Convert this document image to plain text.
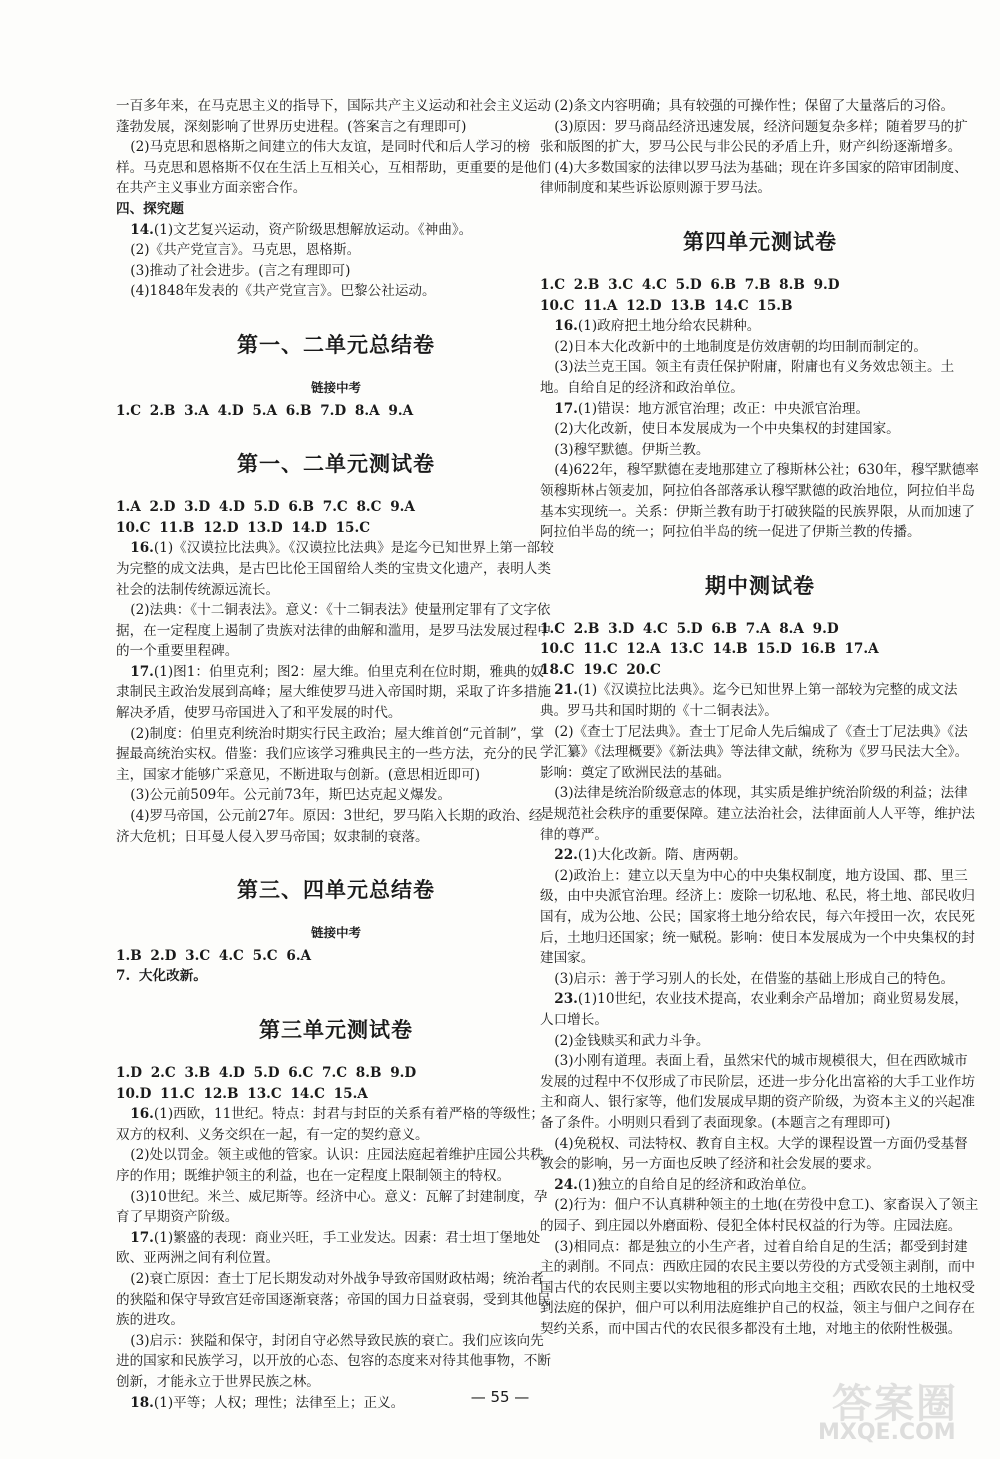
一百多年来，在马克思主义的指导下，国际共产主义运动和社会主义运动蓬勃发展，深刻影响了世界历史进程。(答案言之有理即可)
(2)马克思和恩格斯之间建立的伟大友谊，是同时代和后人学习的榜样。马克思和恩格斯不仅在生活上互相关心，互相帮助，更重要的是他们在共产主义事业方面亲密合作。
四、探究题
14.(1)文艺复兴运动，资产阶级思想解放运动。《神曲》。
(2)《共产党宣言》。马克思，恩格斯。
(3)推动了社会进步。(言之有理即可)
(4)1848年发表的《共产党宣言》。巴黎公社运动。
第一、二单元总结卷
链接中考
1.C 2.B 3.A 4.D 5.A 6.B 7.D 8.A 9.A
第一、二单元测试卷
1.A 2.D 3.D 4.D 5.D 6.B 7.C 8.C 9.A
10.C 11.B 12.D 13.D 14.D 15.C
16.(1)《汉谟拉比法典》。《汉谟拉比法典》是迄今已知世界上第一部较为完整的成文法典，是古巴比伦王国留给人类的宝贵文化遗产，表明人类社会的法制传统源远流长。
(2)法典：《十二铜表法》。意义：《十二铜表法》使量刑定罪有了文字依据，在一定程度上遏制了贵族对法律的曲解和滥用，是罗马法发展过程中的一个重要里程碑。
17.(1)图1：伯里克利；图2：屋大维。伯里克利在位时期，雅典的奴隶制民主政治发展到高峰；屋大维使罗马进入帝国时期，采取了许多措施解决矛盾，使罗马帝国进入了和平发展的时代。
(2)制度：伯里克利统治时期实行民主政治；屋大维首创“元首制”，掌握最高统治实权。借鉴：我们应该学习雅典民主的一些方法，充分的民主，国家才能够广采意见，不断进取与创新。(意思相近即可)
(3)公元前509年。公元前73年，斯巴达克起义爆发。
(4)罗马帝国，公元前27年。原因：3世纪，罗马陷入长期的政治、经济大危机；日耳曼人侵入罗马帝国；奴隶制的衰落。
第三、四单元总结卷
链接中考
1.B 2.D 3.C 4.C 5.C 6.A
7. 大化改新。
第三单元测试卷
1.D 2.C 3.B 4.D 5.D 6.C 7.C 8.B 9.D
10.D 11.C 12.B 13.C 14.C 15.A
16.(1)西欧，11世纪。特点：封君与封臣的关系有着严格的等级性；双方的权利、义务交织在一起，有一定的契约意义。
(2)处以罚金。领主或他的管家。认识：庄园法庭起着维护庄园公共秩序的作用；既维护领主的利益，也在一定程度上限制领主的特权。
(3)10世纪。米兰、威尼斯等。经济中心。意义：瓦解了封建制度，孕育了早期资产阶级。
17.(1)繁盛的表现：商业兴旺，手工业发达。因素：君士坦丁堡地处欧、亚两洲之间有利位置。
(2)衰亡原因：查士丁尼长期发动对外战争导致帝国财政枯竭；统治者的狭隘和保守导致宫廷帝国逐渐衰落；帝国的国力日益衰弱，受到其他民族的进攻。
(3)启示：狭隘和保守，封闭自守必然导致民族的衰亡。我们应该向先进的国家和民族学习，以开放的心态、包容的态度来对待其他事物，不断创新，才能永立于世界民族之林。
18.(1)平等；人权；理性；法律至上；正义。
(2)条文内容明确；具有较强的可操作性；保留了大量落后的习俗。
(3)原因：罗马商品经济迅速发展，经济问题复杂多样；随着罗马的扩张和版图的扩大，罗马公民与非公民的矛盾上升，财产纠纷逐渐增多。
(4)大多数国家的法律以罗马法为基础；现在许多国家的陪审团制度、律师制度和某些诉讼原则源于罗马法。
第四单元测试卷
1.C 2.B 3.C 4.C 5.D 6.B 7.B 8.B 9.D
10.C 11.A 12.D 13.B 14.C 15.B
16.(1)政府把土地分给农民耕种。
(2)日本大化改新中的土地制度是仿效唐朝的均田制而制定的。
(3)法兰克王国。领主有责任保护附庸，附庸也有义务效忠领主。土地。自给自足的经济和政治单位。
17.(1)错误：地方派官治理；改正：中央派官治理。
(2)大化改新，使日本发展成为一个中央集权的封建国家。
(3)穆罕默德。伊斯兰教。
(4)622年，穆罕默德在麦地那建立了穆斯林公社；630年，穆罕默德率领穆斯林占领麦加，阿拉伯各部落承认穆罕默德的政治地位，阿拉伯半岛基本实现统一。关系：伊斯兰教有助于打破狭隘的民族界限，从而加速了阿拉伯半岛的统一；阿拉伯半岛的统一促进了伊斯兰教的传播。
期中测试卷
1.C 2.B 3.D 4.C 5.D 6.B 7.A 8.A 9.D
10.C 11.C 12.A 13.C 14.B 15.D 16.B 17.A
18.C 19.C 20.C
21.(1)《汉谟拉比法典》。迄今已知世界上第一部较为完整的成文法典。罗马共和国时期的《十二铜表法》。
(2)《查士丁尼法典》。查士丁尼命人先后编成了《查士丁尼法典》《法学汇纂》《法理概要》《新法典》等法律文献，统称为《罗马民法大全》。影响：奠定了欧洲民法的基础。
(3)法律是统治阶级意志的体现，其实质是维护统治阶级的利益；法律是规范社会秩序的重要保障。建立法治社会，法律面前人人平等，维护法律的尊严。
22.(1)大化改新。隋、唐两朝。
(2)政治上：建立以天皇为中心的中央集权制度，地方设国、郡、里三级，由中央派官治理。经济上：废除一切私地、私民，将土地、部民收归国有，成为公地、公民；国家将土地分给农民，每六年授田一次，农民死后，土地归还国家；统一赋税。影响：使日本发展成为一个中央集权的封建国家。
(3)启示：善于学习别人的长处，在借鉴的基础上形成自己的特色。
23.(1)10世纪，农业技术提高，农业剩余产品增加；商业贸易发展，人口增长。
(2)金钱赎买和武力斗争。
(3)小刚有道理。表面上看，虽然宋代的城市规模很大，但在西欧城市发展的过程中不仅形成了市民阶层，还进一步分化出富裕的大手工业作坊主和商人、银行家等，他们发展成早期的资产阶级，为资本主义的兴起准备了条件。小明则只看到了表面现象。(本题言之有理即可)
(4)免税权、司法特权、教育自主权。大学的课程设置一方面仍受基督教会的影响，另一方面也反映了经济和社会发展的要求。
24.(1)独立的自给自足的经济和政治单位。
(2)行为：佃户不认真耕种领主的土地(在劳役中怠工)、家畜误入了领主的园子、到庄园以外磨面粉、侵犯全体村民权益的行为等。庄园法庭。
(3)相同点：都是独立的小生产者，过着自给自足的生活；都受到封建主的剥削。不同点：西欧庄园的农民主要以劳役的方式受领主剥削，而中国古代的农民则主要以实物地租的形式向地主交租；西欧农民的土地权受到法庭的保护，佃户可以利用法庭维护自己的权益，领主与佃户之间存在契约关系，而中国古代的农民很多都没有土地，对地主的依附性极强。
— 55 —	答案圈
MXQE.COM
